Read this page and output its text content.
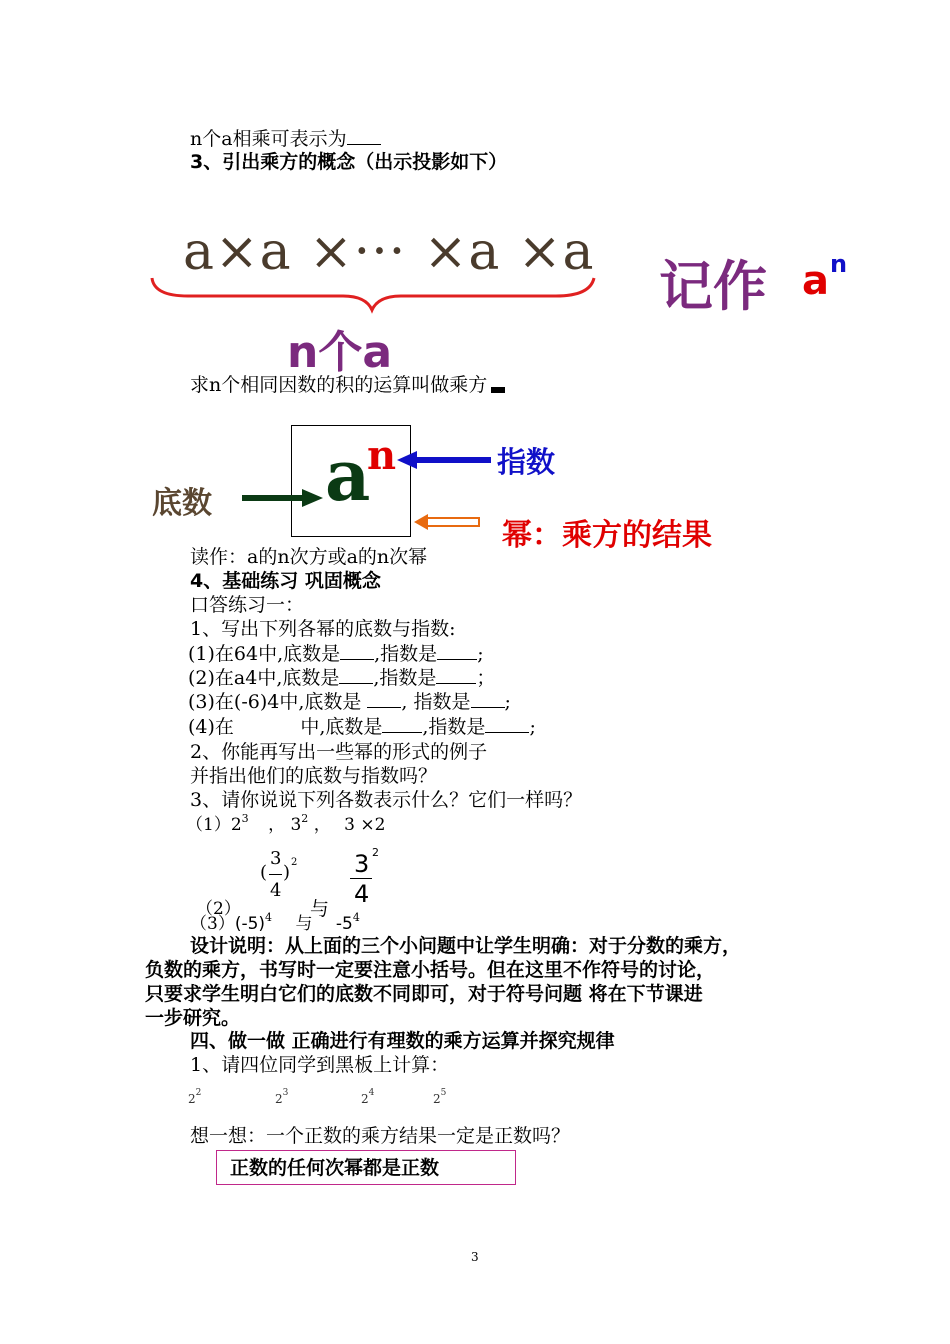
n个a相乘可表示为
3、引出乘方的概念（出示投影如下）
a×a ×··· ×a ×a
n个a
记作 a n
求n个相同因数的积的运算叫做乘方
a
n
底数
指数
幂：乘方的结果
读作：a的n次方或a的n次幂
4、基础练习 巩固概念
口答练习一：
1、写出下列各幂的底数与指数:
(1)在64中,底数是 ,指数是 ;
(2)在a4中,底数是 ,指数是 ；
(3)在(-6)4中,底数是 , 指数是 ;
(4)在           中,底数是 ,指数是 ;
2、你能再写出一些幂的形式的例子
并指出他们的底数与指数吗？
3、请你说说下列各数表示什么？它们一样吗？
$(1)2^3$ ， $3^2$ ， 3 ×2
(
3
4
) 2
（2）	与
3 2
4
$(3)(-5)^4$ 与 $-5^4$
设计说明：从上面的三个小问题中让学生明确：对于分数的乘方，
负数的乘方，书写时一定要注意小括号。但在这里不作符号的讨论，
只要求学生明白它们的底数不同即可，对于符号问题 将在下节课进
一步研究。
四、做一做 正确进行有理数的乘方运算并探究规律
1、请四位同学到黑板上计算：
$2^2$	$2^3$	$2^4$	$2^5$
想一想：一个正数的乘方结果一定是正数吗？
正数的任何次幂都是正数
3
